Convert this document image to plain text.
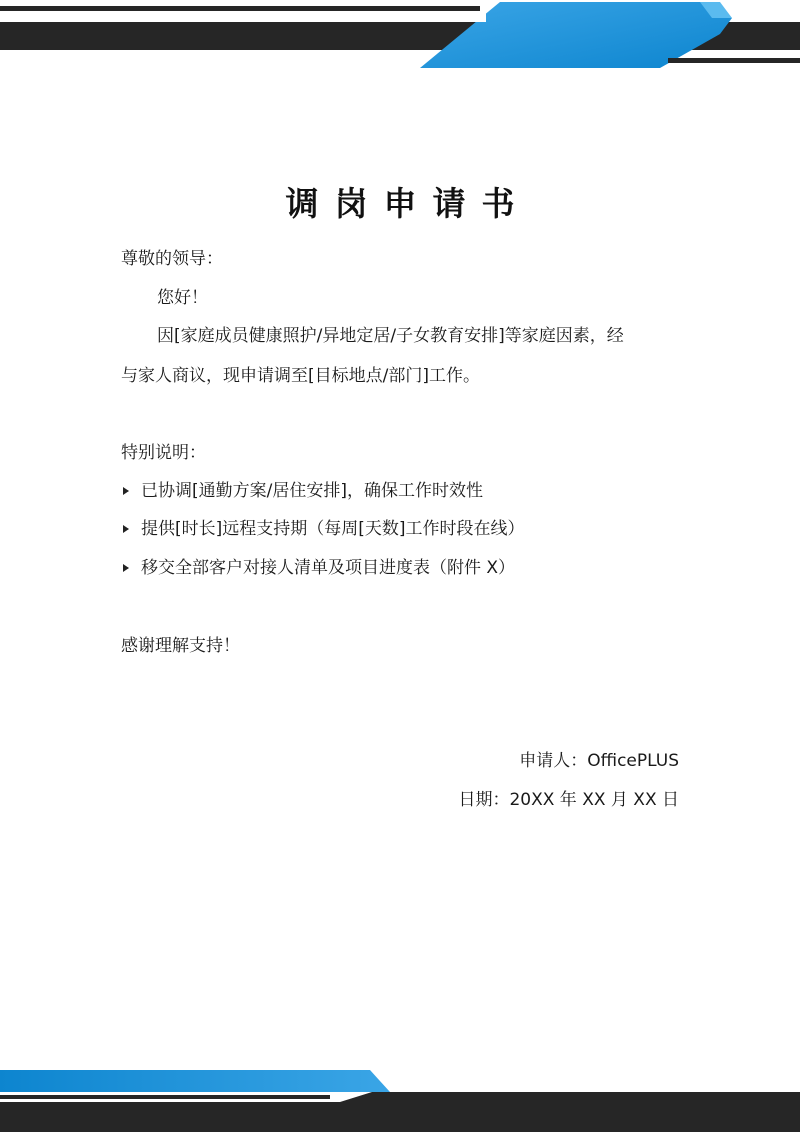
调岗申请书
尊敬的领导：
您好！
因[家庭成员健康照护/异地定居/子女教育安排]等家庭因素，经
与家人商议，现申请调至[目标地点/部门]工作。
特别说明：
已协调[通勤方案/居住安排]，确保工作时效性
提供[时长]远程支持期（每周[天数]工作时段在线）
移交全部客户对接人清单及项目进度表（附件 X）
感谢理解支持！
申请人：OfficePLUS
日期：20XX 年 XX 月 XX 日
